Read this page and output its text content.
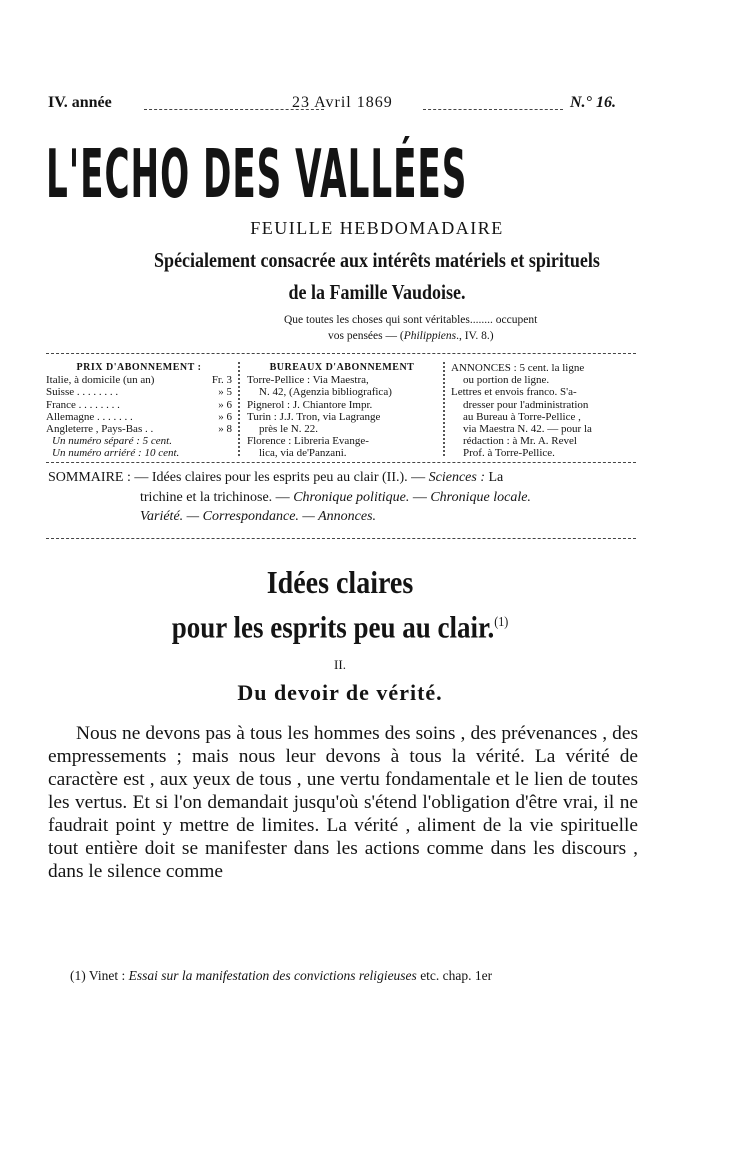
IV. année	23 Avril 1869	N.° 16.
L'ECHO DES VALLÉES
FEUILLE HEBDOMADAIRE
Spécialement consacrée aux intérêts matériels et spirituels
de la Famille Vaudoise.
Que toutes les choses qui sont véritables........ occupent
vos pensées — (Philippiens., IV. 8.)
PRIX D'ABONNEMENT :
Italie, à domicile (un an)	Fr. 3
Suisse . . . . . . . .	» 5
France . . . . . . . .	» 6
Allemagne . . . . . . .	» 6
Angleterre , Pays-Bas . .	» 8
Un numéro séparé : 5 cent.
Un numéro arriéré : 10 cent.
BUREAUX D'ABONNEMENT
Torre-Pellice : Via Maestra,
N. 42, (Agenzia bibliografica)
Pignerol : J. Chiantore Impr.
Turin : J.J. Tron, via Lagrange
près le N. 22.
Florence : Libreria Evange-
lica, via de'Panzani.
ANNONCES : 5 cent. la ligne
ou portion de ligne.
Lettres et envois franco. S'a-
dresser pour l'administration
au Bureau à Torre-Pellice ,
via Maestra N. 42. — pour la
rédaction : à Mr. A. Revel
Prof. à Torre-Pellice.
SOMMAIRE : — Idées claires pour les esprits peu au clair (II.). — Sciences : La
trichine et la trichinose. — Chronique politique. — Chronique locale.
Variété. — Correspondance. — Annonces.
Idées claires
pour les esprits peu au clair.$^{(1)}$
II.
Du devoir de vérité.

Nous ne devons pas à tous les hommes des soins , des prévenances , des empressements ; mais nous leur devons à tous la vérité. La vérité de caractère est , aux yeux de tous , une vertu fondamentale et le lien de toutes les vertus. Et si l'on demandait jusqu'où s'étend l'obligation d'être vrai, il ne faudrait point y mettre de limites. La vérité , aliment de la vie spirituelle tout entière doit se manifester dans les actions comme dans les discours , dans le silence comme

(1) Vinet : Essai sur la manifestation des convictions religieuses etc. chap. 1er
